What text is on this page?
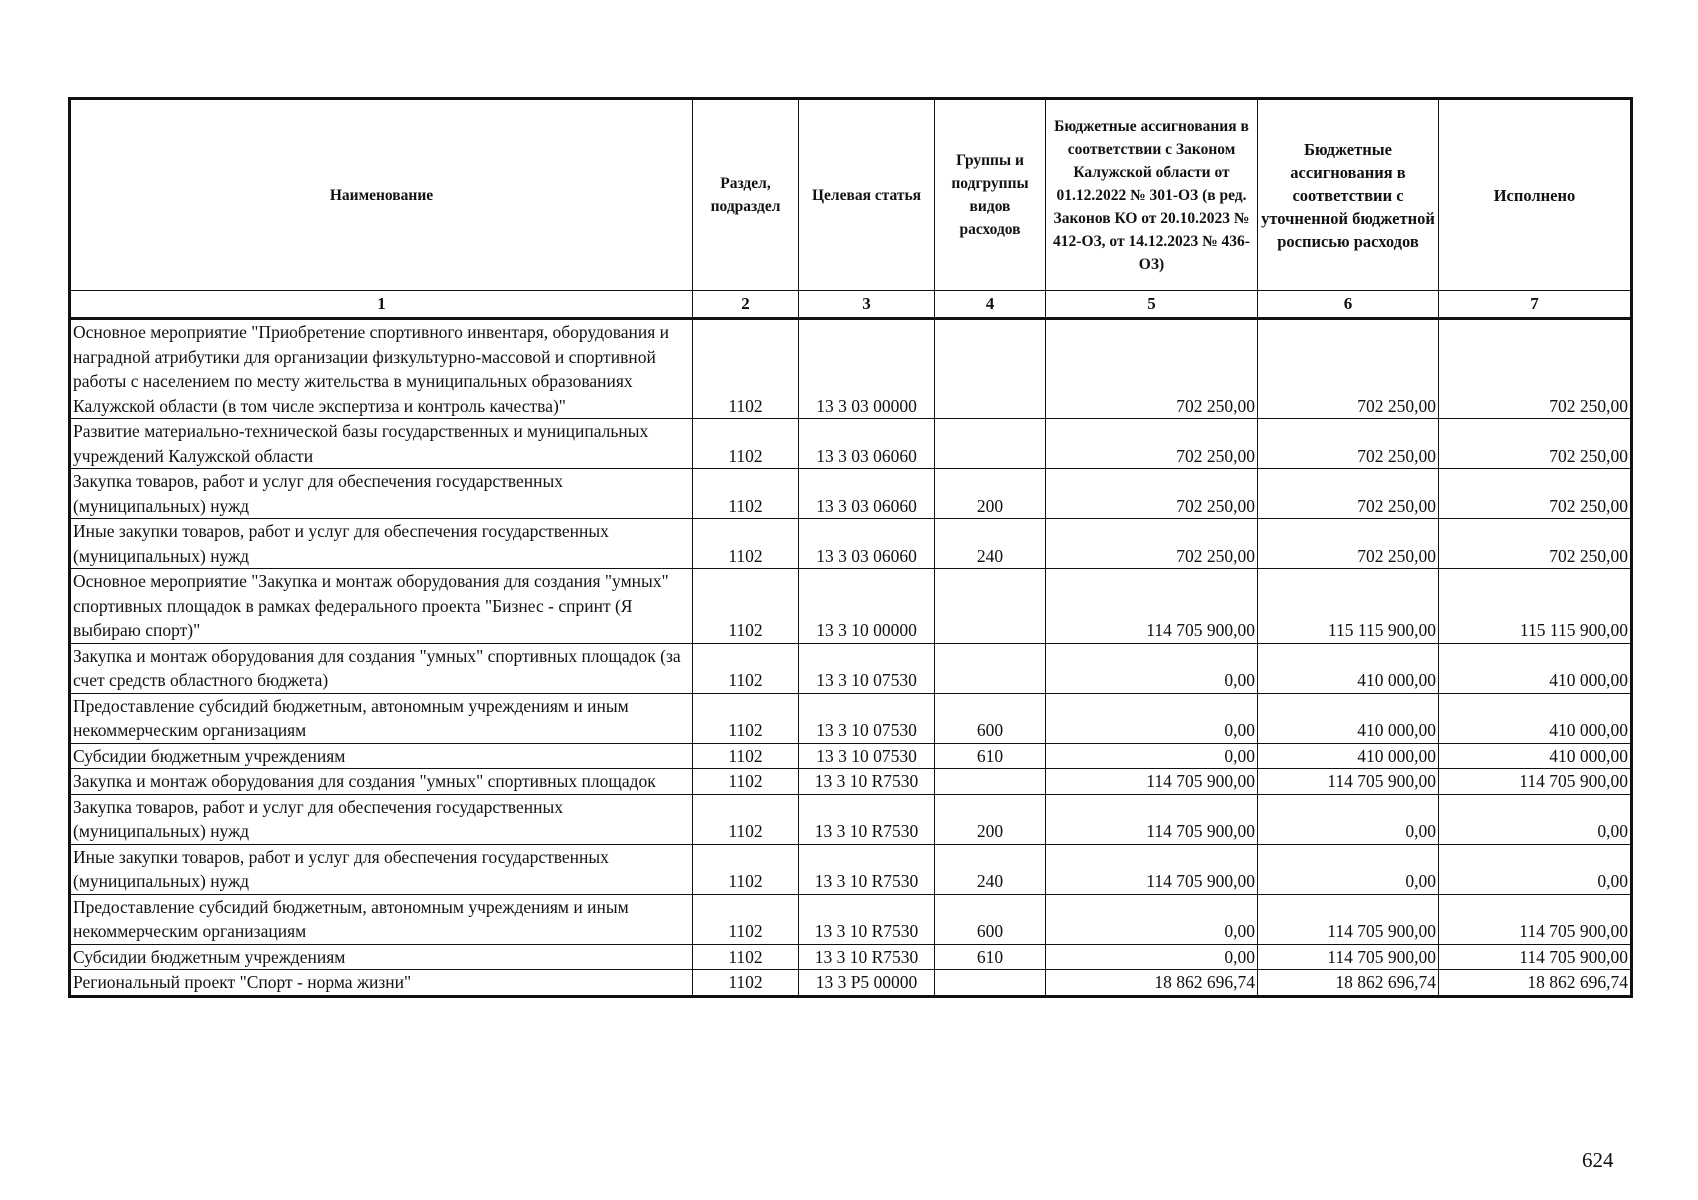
Наименование	Раздел, подраздел	Целевая статья	Группы и подгруппы видов расходов	Бюджетные ассигнования в соответствии с Законом Калужской области от 01.12.2022 № 301-ОЗ (в ред. Законов КО от 20.10.2023 № 412-ОЗ, от 14.12.2023 № 436-ОЗ)	Бюджетные ассигнования в соответствии с уточненной бюджетной росписью расходов	Исполнено
1	2	3	4	5	6	7
Основное мероприятие "Приобретение спортивного инвентаря, оборудования и наградной атрибутики для организации физкультурно-массовой и спортивной работы с населением по месту жительства в муниципальных образованиях Калужской области (в том числе экспертиза и контроль качества)"	1102	13 3 03 00000		702 250,00	702 250,00	702 250,00
Развитие материально-технической базы государственных и муниципальных учреждений Калужской области	1102	13 3 03 06060		702 250,00	702 250,00	702 250,00
Закупка товаров, работ и услуг для обеспечения государственных (муниципальных) нужд	1102	13 3 03 06060	200	702 250,00	702 250,00	702 250,00
Иные закупки товаров, работ и услуг для обеспечения государственных (муниципальных) нужд	1102	13 3 03 06060	240	702 250,00	702 250,00	702 250,00
Основное мероприятие "Закупка и монтаж оборудования для создания "умных" спортивных площадок в рамках федерального проекта "Бизнес - спринт (Я выбираю спорт)"	1102	13 3 10 00000		114 705 900,00	115 115 900,00	115 115 900,00
Закупка и монтаж оборудования для создания "умных" спортивных площадок (за счет средств областного бюджета)	1102	13 3 10 07530		0,00	410 000,00	410 000,00
Предоставление субсидий бюджетным, автономным учреждениям и иным некоммерческим организациям	1102	13 3 10 07530	600	0,00	410 000,00	410 000,00
Субсидии бюджетным учреждениям	1102	13 3 10 07530	610	0,00	410 000,00	410 000,00
Закупка и монтаж оборудования для создания "умных" спортивных площадок	1102	13 3 10 R7530		114 705 900,00	114 705 900,00	114 705 900,00
Закупка товаров, работ и услуг для обеспечения государственных (муниципальных) нужд	1102	13 3 10 R7530	200	114 705 900,00	0,00	0,00
Иные закупки товаров, работ и услуг для обеспечения государственных (муниципальных) нужд	1102	13 3 10 R7530	240	114 705 900,00	0,00	0,00
Предоставление субсидий бюджетным, автономным учреждениям и иным некоммерческим организациям	1102	13 3 10 R7530	600	0,00	114 705 900,00	114 705 900,00
Субсидии бюджетным учреждениям	1102	13 3 10 R7530	610	0,00	114 705 900,00	114 705 900,00
Региональный проект "Спорт - норма жизни"	1102	13 3 P5 00000		18 862 696,74	18 862 696,74	18 862 696,74
624
